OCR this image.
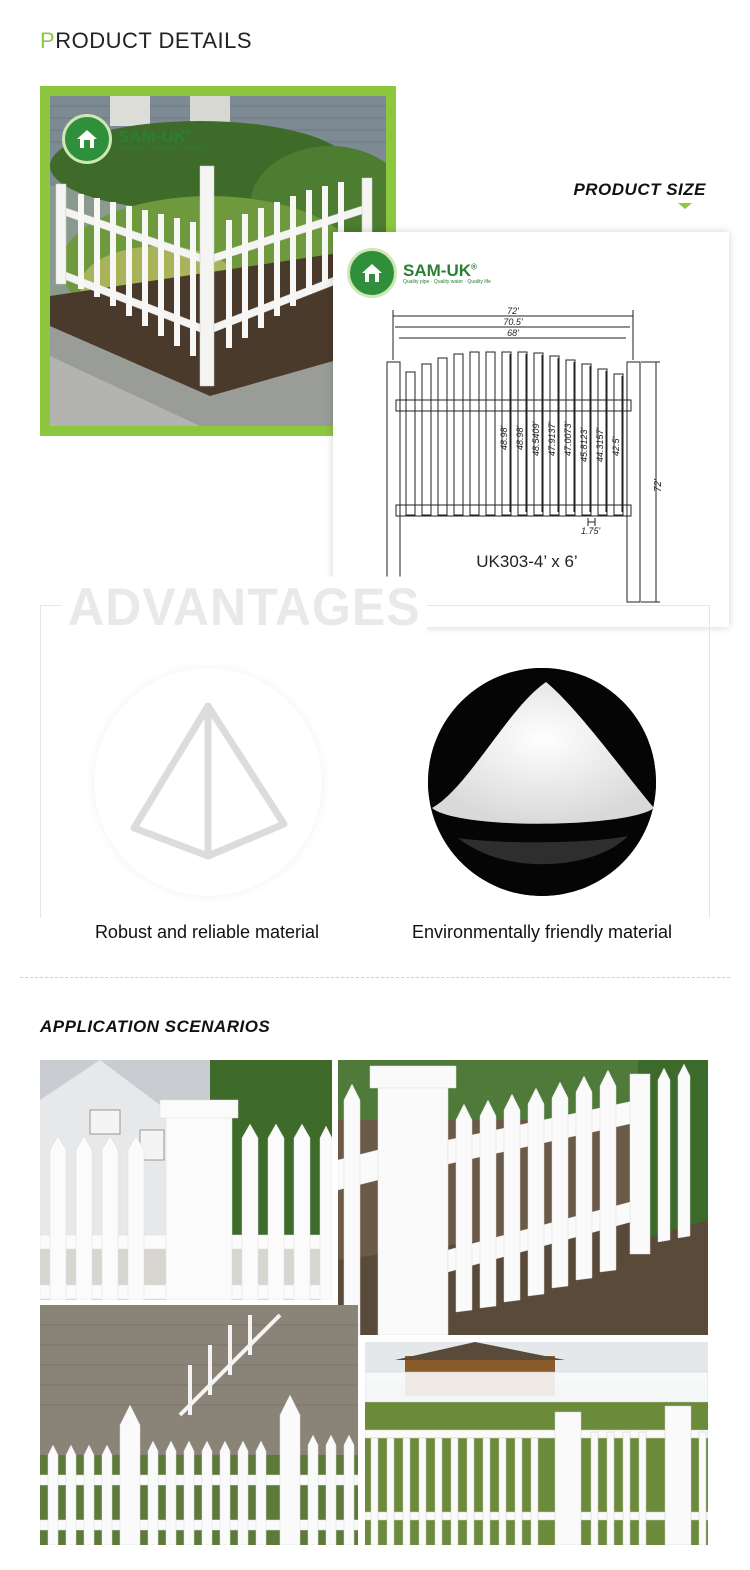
PRODUCT DETAILS
SAM-UK®
Quality pipe · Quality water · Quality life
PRODUCT SIZE
SAM-UK®
Quality pipe · Quality water · Quality life
72'
70.5'
68'
48.98' 48.98' 48.5409' 47.9137' 47.0073' 45.8123' 44.3157' 42.5'
72'
1.75'
UK303-4’ x 6’
ADVANTAGES
Robust and reliable material	Environmentally friendly material
APPLICATION SCENARIOS
